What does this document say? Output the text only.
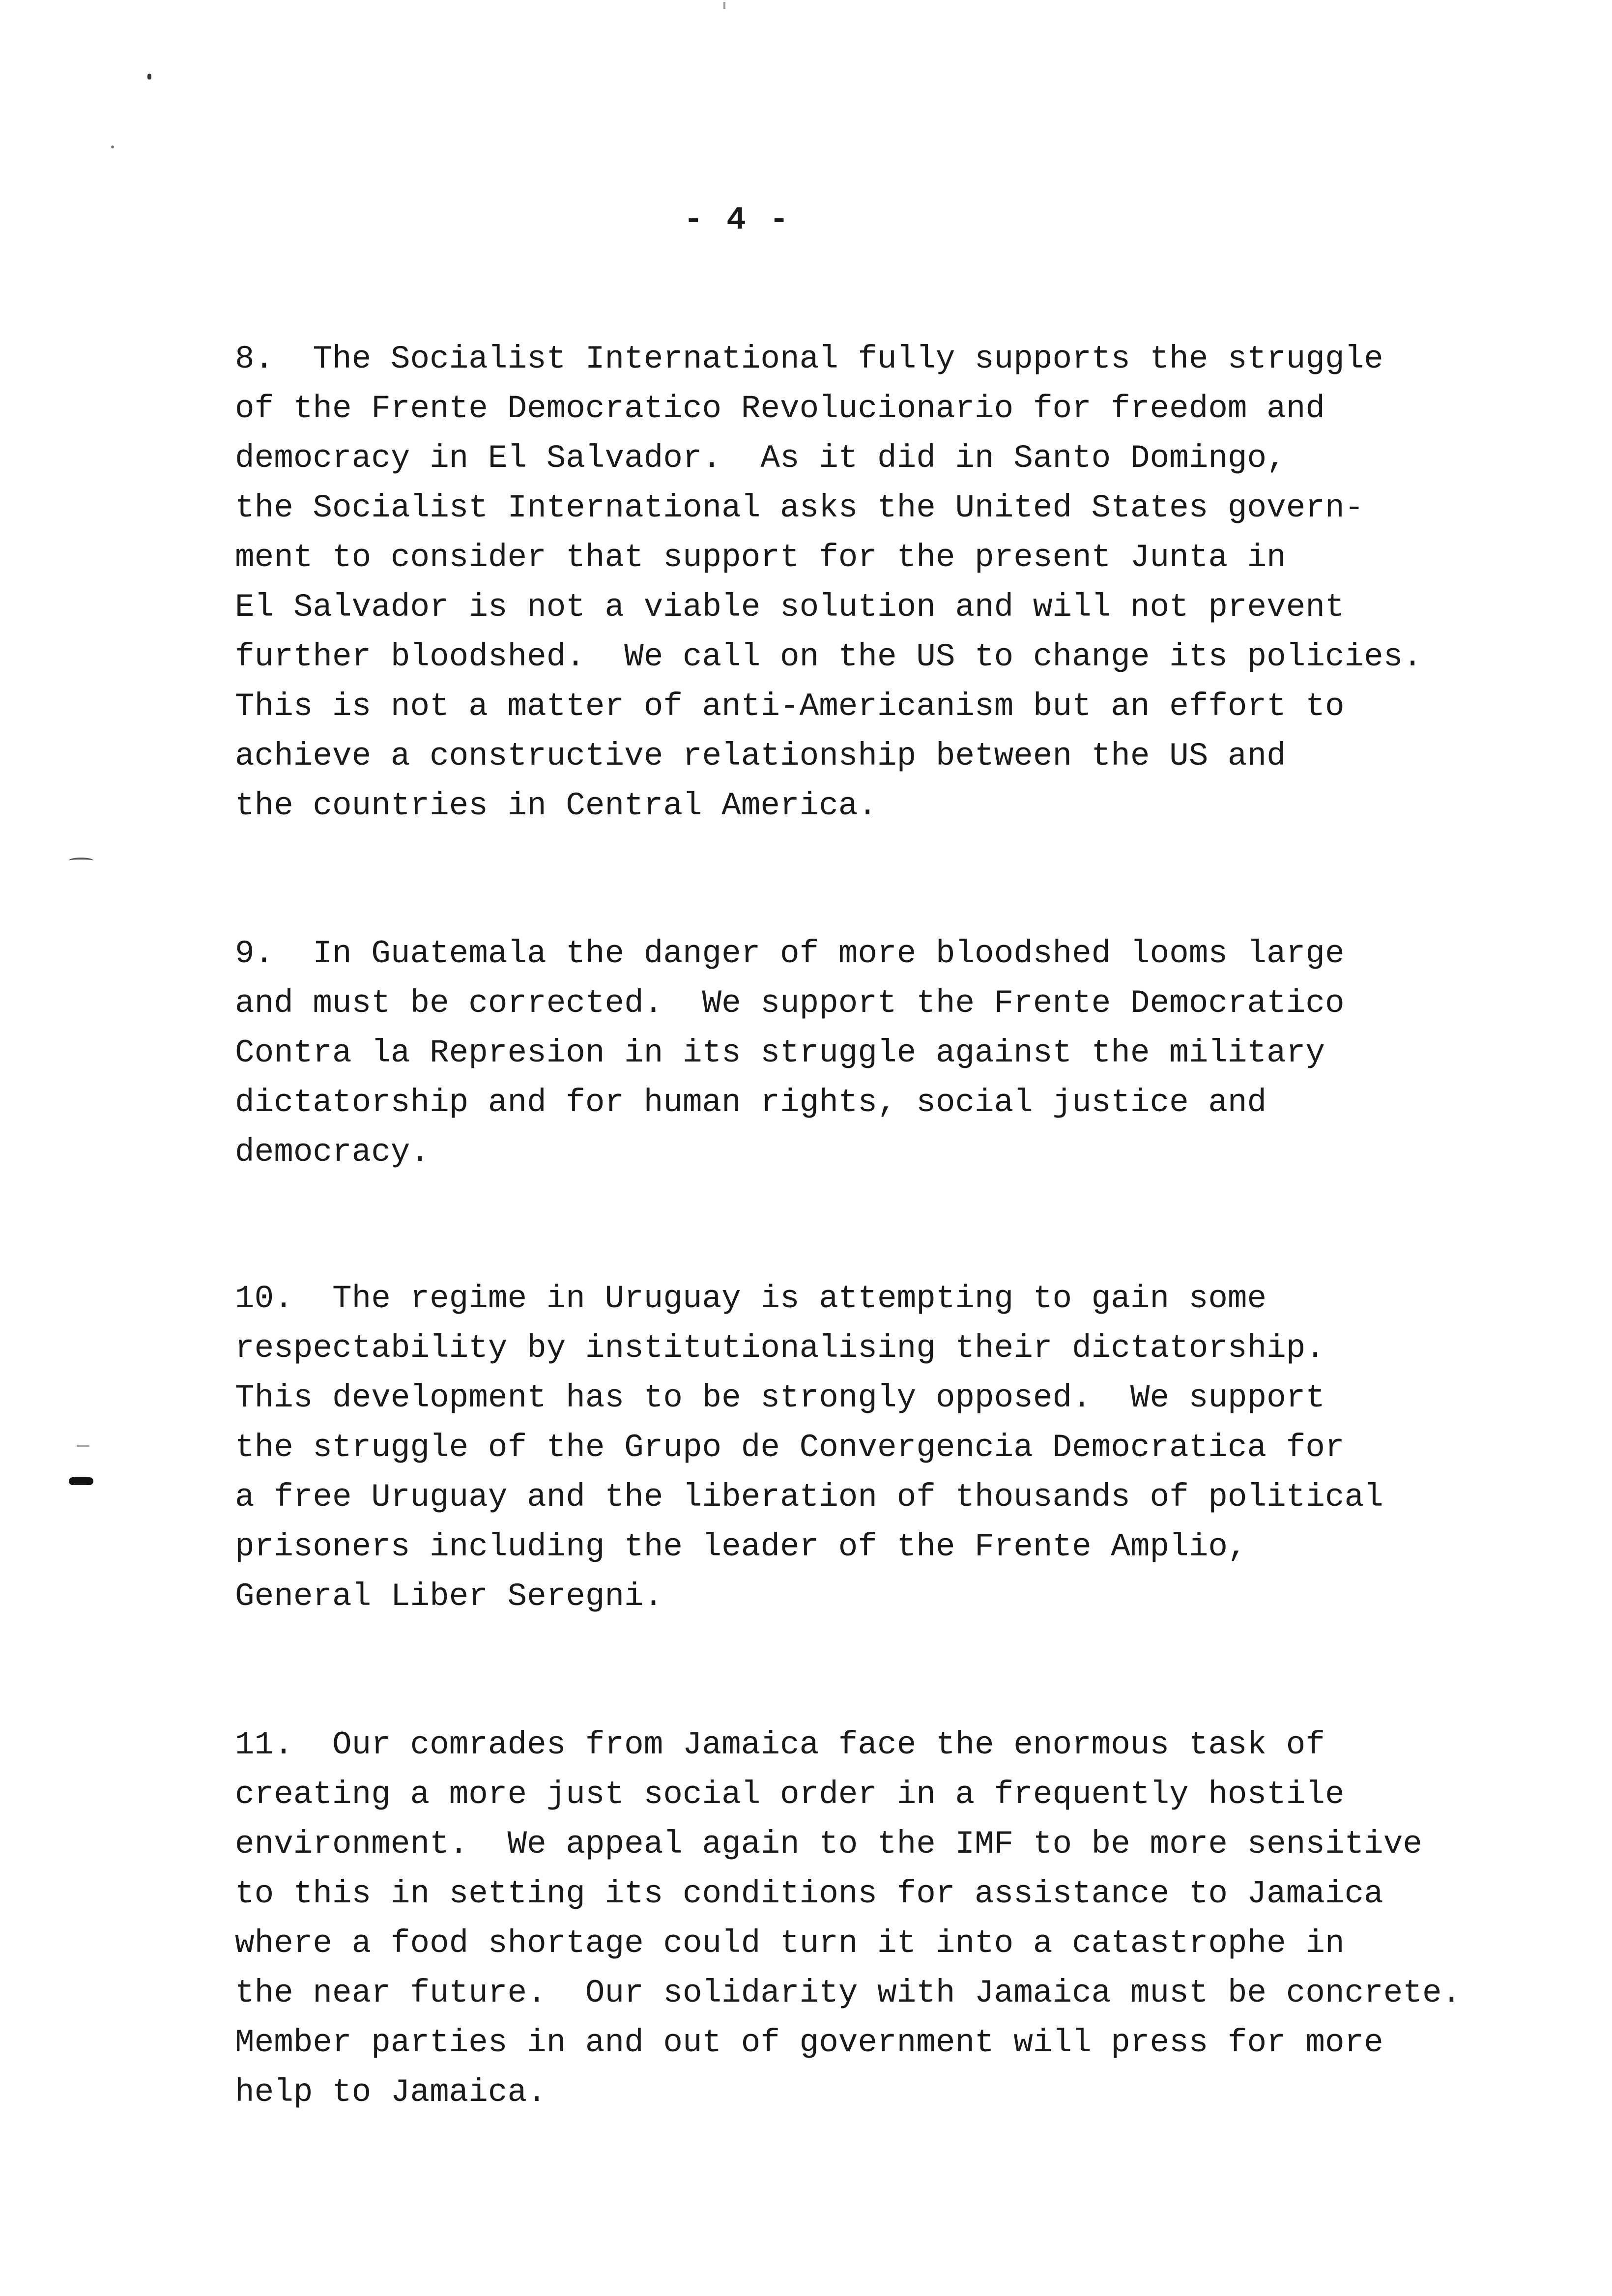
- 4 -
8.  The Socialist International fully supports the struggle
of the Frente Democratico Revolucionario for freedom and
democracy in El Salvador.  As it did in Santo Domingo,
the Socialist International asks the United States govern-
ment to consider that support for the present Junta in
El Salvador is not a viable solution and will not prevent
further bloodshed.  We call on the US to change its policies.
This is not a matter of anti-Americanism but an effort to
achieve a constructive relationship between the US and
the countries in Central America.
9.  In Guatemala the danger of more bloodshed looms large
and must be corrected.  We support the Frente Democratico
Contra la Represion in its struggle against the military
dictatorship and for human rights, social justice and
democracy.
10.  The regime in Uruguay is attempting to gain some
respectability by institutionalising their dictatorship.
This development has to be strongly opposed.  We support
the struggle of the Grupo de Convergencia Democratica for
a free Uruguay and the liberation of thousands of political
prisoners including the leader of the Frente Amplio,
General Liber Seregni.
11.  Our comrades from Jamaica face the enormous task of
creating a more just social order in a frequently hostile
environment.  We appeal again to the IMF to be more sensitive
to this in setting its conditions for assistance to Jamaica
where a food shortage could turn it into a catastrophe in
the near future.  Our solidarity with Jamaica must be concrete.
Member parties in and out of government will press for more
help to Jamaica.
